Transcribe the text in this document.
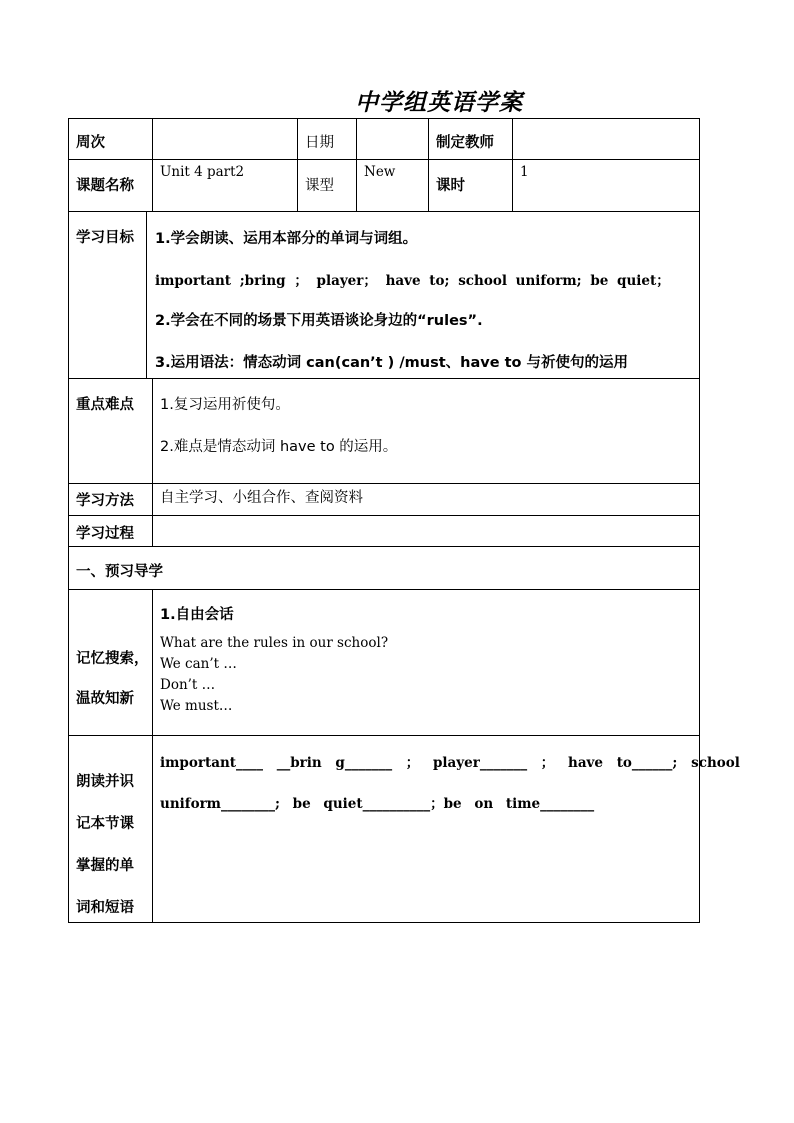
中学组英语学案
周次	日期	制定教师
课题名称
Unit 4 part2
课型
New
课时
1
学习目标 1.学会朗读、运用本部分的单词与词组。
important ;bring ； player； have to; school uniform; be quiet；
2.学会在不同的场景下用英语谈论身边的“rules”.
3.运用语法：情态动词 can(can’t ) /must、have to 与祈使句的运用
重点难点 1.复习运用祈使句。
2.难点是情态动词 have to 的运用。
学习方法 自主学习、小组合作、查阅资料
学习过程
一、预习导学
记忆搜索，
温故知新
1.自由会话
What are the rules in our school?
We can’t …
Don’t …
We must…
朗读并识
记本节课
掌握的单
词和短语
important____ __brin g_______ ； player_______ ； have to______; school
uniform________; be quiet__________；be on time________
